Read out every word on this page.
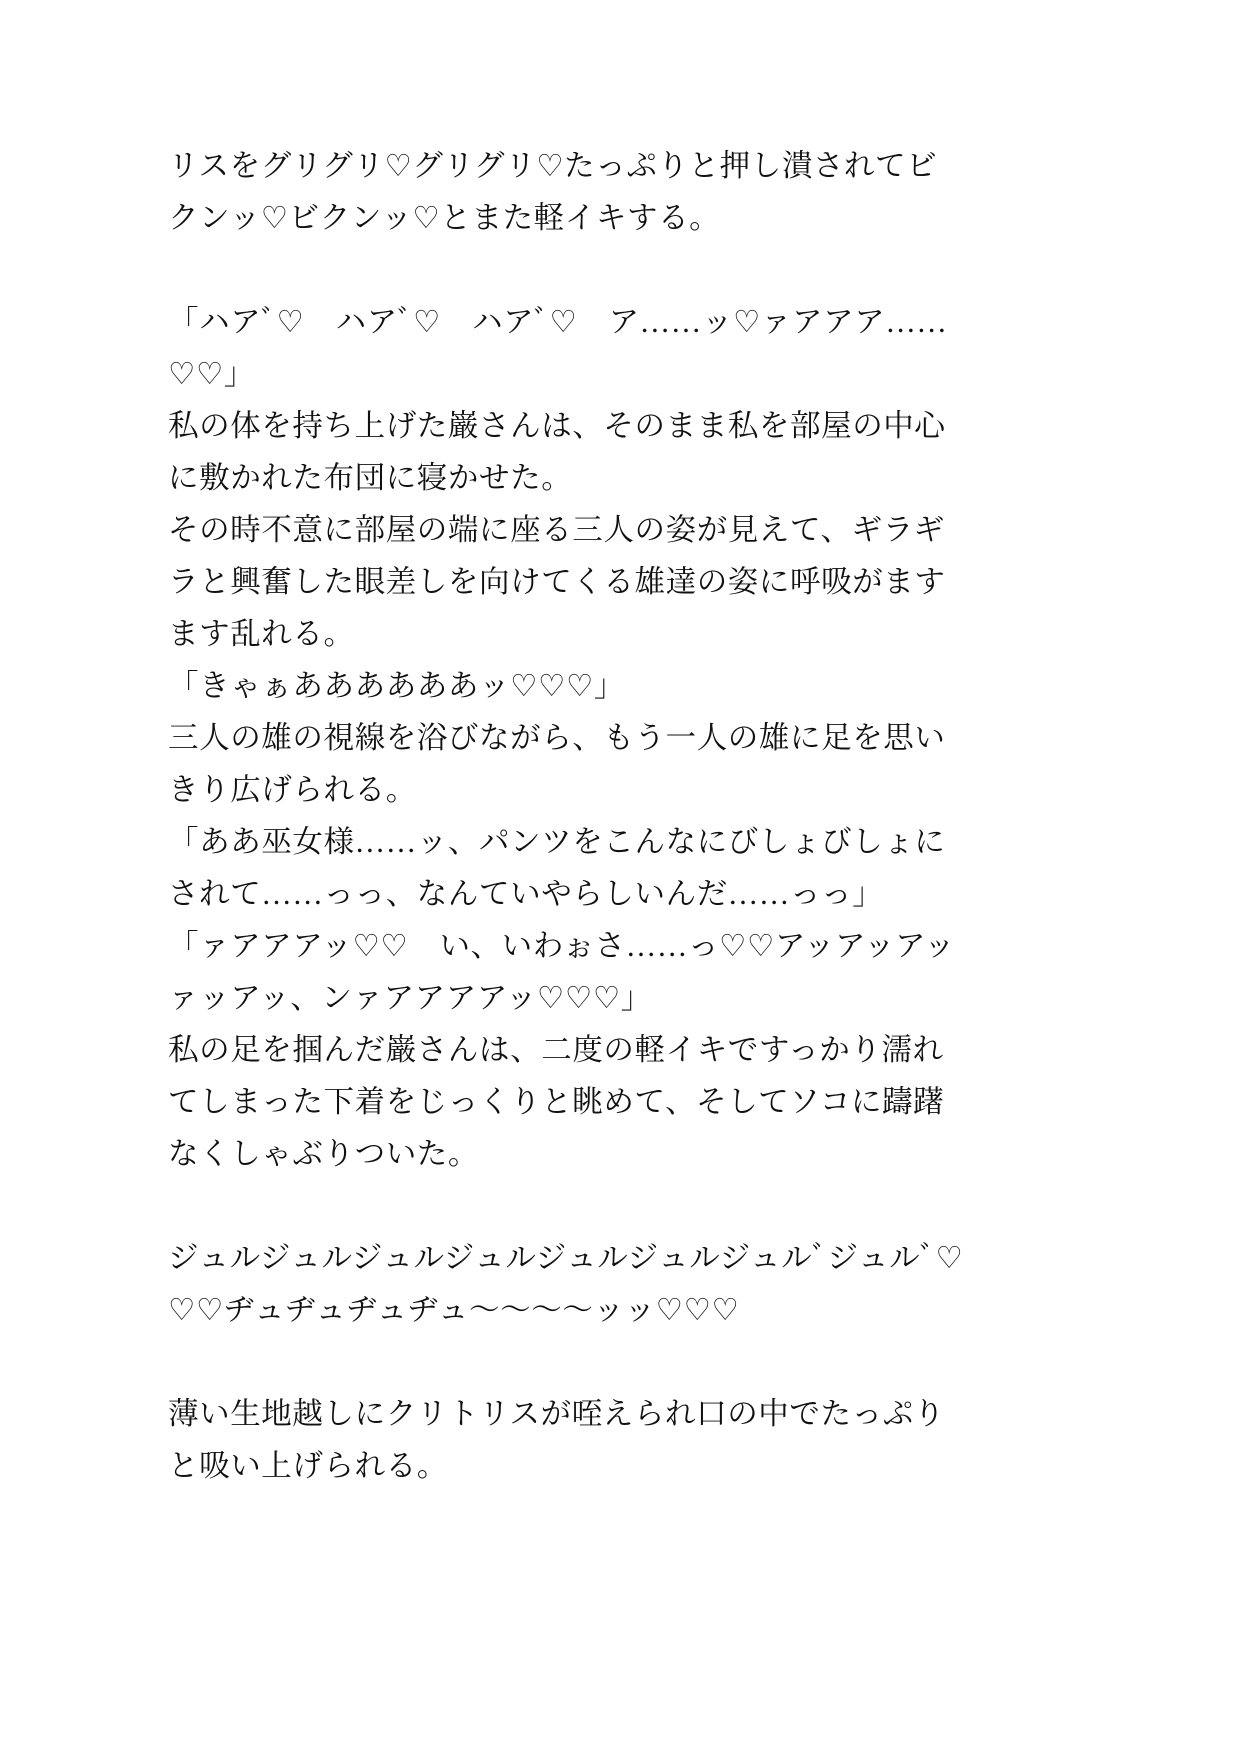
リスをグリグリ♡グリグリ♡たっぷりと押し潰されてビクンッ♡ビクンッ♡とまた軽イキする。

「ハアﾞ♡　ハアﾞ♡　ハアﾞ♡　ア……ッ♡ァアアア……♡♡」

私の体を持ち上げた巌さんは、そのまま私を部屋の中心に敷かれた布団に寝かせた。

その時不意に部屋の端に座る三人の姿が見えて、ギラギラと興奮した眼差しを向けてくる雄達の姿に呼吸がますます乱れる。

「きゃぁああああああッ♡♡♡」

三人の雄の視線を浴びながら、もう一人の雄に足を思いきり広げられる。

「ああ巫女様……ッ、パンツをこんなにびしょびしょにされて……っっ、なんていやらしいんだ……っっ」

「ァアアアッ♡♡　い、いわぉさ……っ♡♡アッアッアッァッアッ、ンァアアアアッ♡♡♡」

私の足を掴んだ巌さんは、二度の軽イキですっかり濡れてしまった下着をじっくりと眺めて、そしてソコに躊躇なくしゃぶりついた。

ジュルジュルジュルジュルジュルジュルジュルﾞジュルﾞ♡♡♡ヂュヂュヂュヂュ〜〜〜〜ッッ♡♡♡

薄い生地越しにクリトリスが咥えられ口の中でたっぷりと吸い上げられる。
